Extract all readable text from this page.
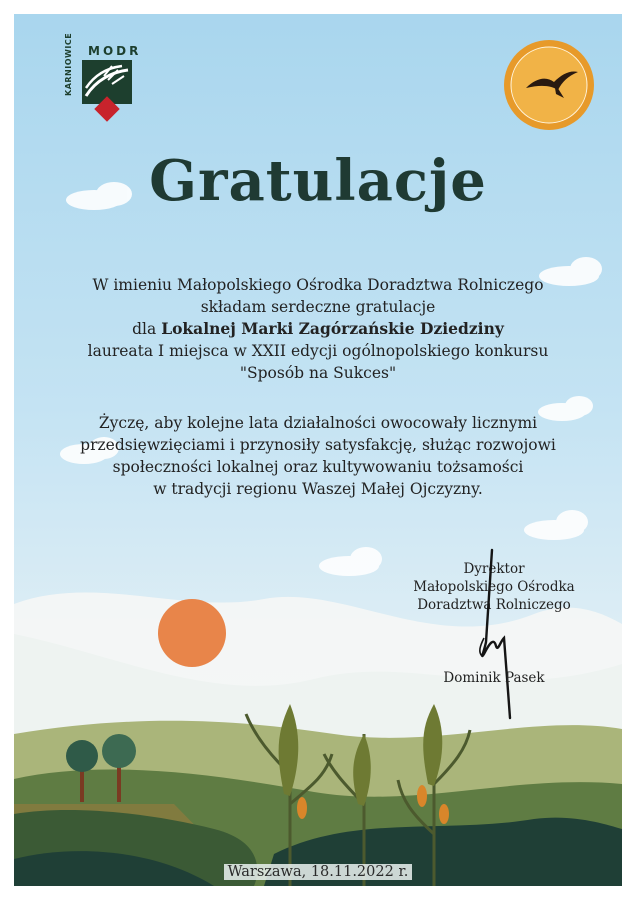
KARNIOWICE MODR
Gratulacje
W imieniu Małopolskiego Ośrodka Doradztwa Rolniczego
składam serdeczne gratulacje
dla Lokalnej Marki Zagórzańskie Dziedziny
laureata I miejsca w XXII edycji ogólnopolskiego konkursu
"Sposób na Sukces"
Życzę, aby kolejne lata działalności owocowały licznymi
przedsięwzięciami i przynosiły satysfakcję, służąc rozwojowi
społeczności lokalnej oraz kultywowaniu tożsamości
w tradycji regionu Waszej Małej Ojczyzny.
Dyrektor
Małopolskiego Ośrodka
Doradztwa Rolniczego
Dominik Pasek
Warszawa, 18.11.2022 r.
